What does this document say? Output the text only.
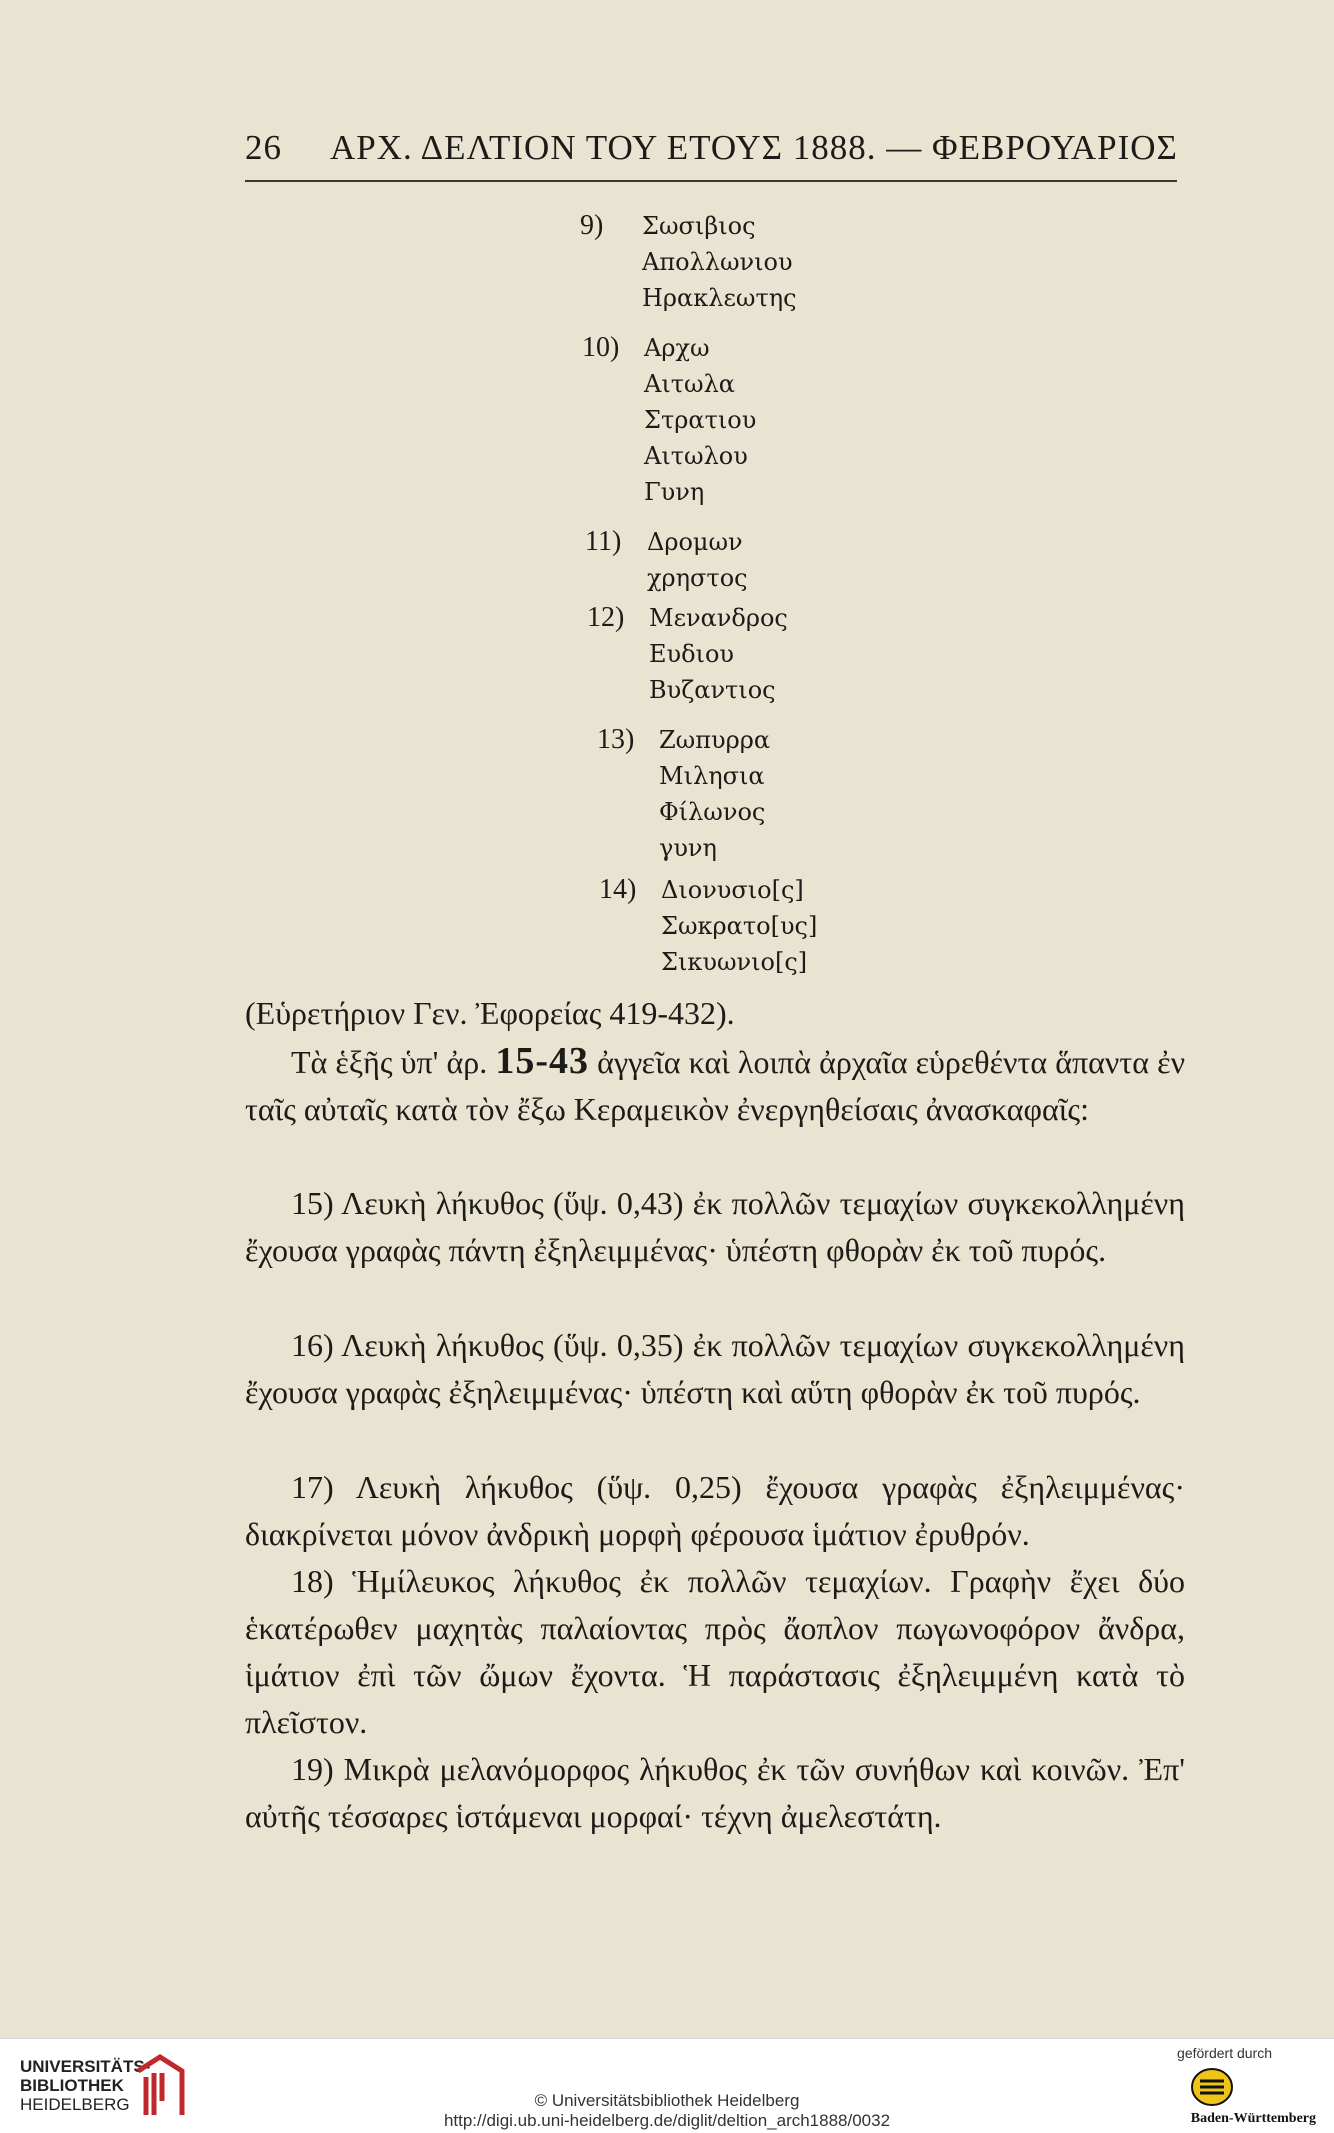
26 ΑΡΧ. ΔΕΛΤΙΟΝ ΤΟΥ ΕΤΟΥΣ 1888. — ΦΕΒΡΟΥΑΡΙΟΣ
9) Σωσιβιος
Απολλωνιου
Ηρακλεωτης
10) Αρχω
Αιτωλα
Στρατιου
Αιτωλου
Γυνη
11) Δρομων
χρηστος
12) Μενανδρος
Ευδιου
Βυζαντιος
13) Ζωπυρρα
Μιλησια
Φίλωνος
γυνη
14) Διονυσιο[ς]
Σωκρατο[υς]
Σικυωνιο[ς]
(Εὑρετήριον Γεν. Ἐφορείας 419-432).
Τὰ ἑξῆς ὑπ' ἀρ. 15-43 ἀγγεῖα καὶ λοιπὰ ἀρχαῖα εὑρεθέντα ἅπαντα ἐν ταῖς αὐταῖς κατὰ τὸν ἔξω Κεραμεικὸν ἐνεργηθείσαις ἀνασκαφαῖς:
15) Λευκὴ λήκυθος (ὕψ. 0,43) ἐκ πολλῶν τεμαχίων συγκεκολλημένη ἔχουσα γραφὰς πάντη ἐξηλειμμένας· ὑπέστη φθορὰν ἐκ τοῦ πυρός.
16) Λευκὴ λήκυθος (ὕψ. 0,35) ἐκ πολλῶν τεμαχίων συγκεκολλημένη ἔχουσα γραφὰς ἐξηλειμμένας· ὑπέστη καὶ αὕτη φθορὰν ἐκ τοῦ πυρός.
17) Λευκὴ λήκυθος (ὕψ. 0,25) ἔχουσα γραφὰς ἐξηλειμμένας· διακρίνεται μόνον ἀνδρικὴ μορφὴ φέρουσα ἱμάτιον ἐρυθρόν.
18) Ἡμίλευκος λήκυθος ἐκ πολλῶν τεμαχίων. Γραφὴν ἔχει δύο ἑκατέρωθεν μαχητὰς παλαίοντας πρὸς ἄοπλον πωγωνοφόρον ἄνδρα, ἱμάτιον ἐπὶ τῶν ὤμων ἔχοντα. Ἡ παράστασις ἐξηλειμμένη κατὰ τὸ πλεῖστον.
19) Μικρὰ μελανόμορφος λήκυθος ἐκ τῶν συνήθων καὶ κοινῶν. Ἐπ' αὐτῆς τέσσαρες ἱστάμεναι μορφαί· τέχνη ἀμελεστάτη.
UNIVERSITÄTS-
BIBLIOTHEK
HEIDELBERG	© Universitätsbibliothek Heidelberg
http://digi.ub.uni-heidelberg.de/diglit/deltion_arch1888/0032
gefördert durch
Baden-Württemberg
